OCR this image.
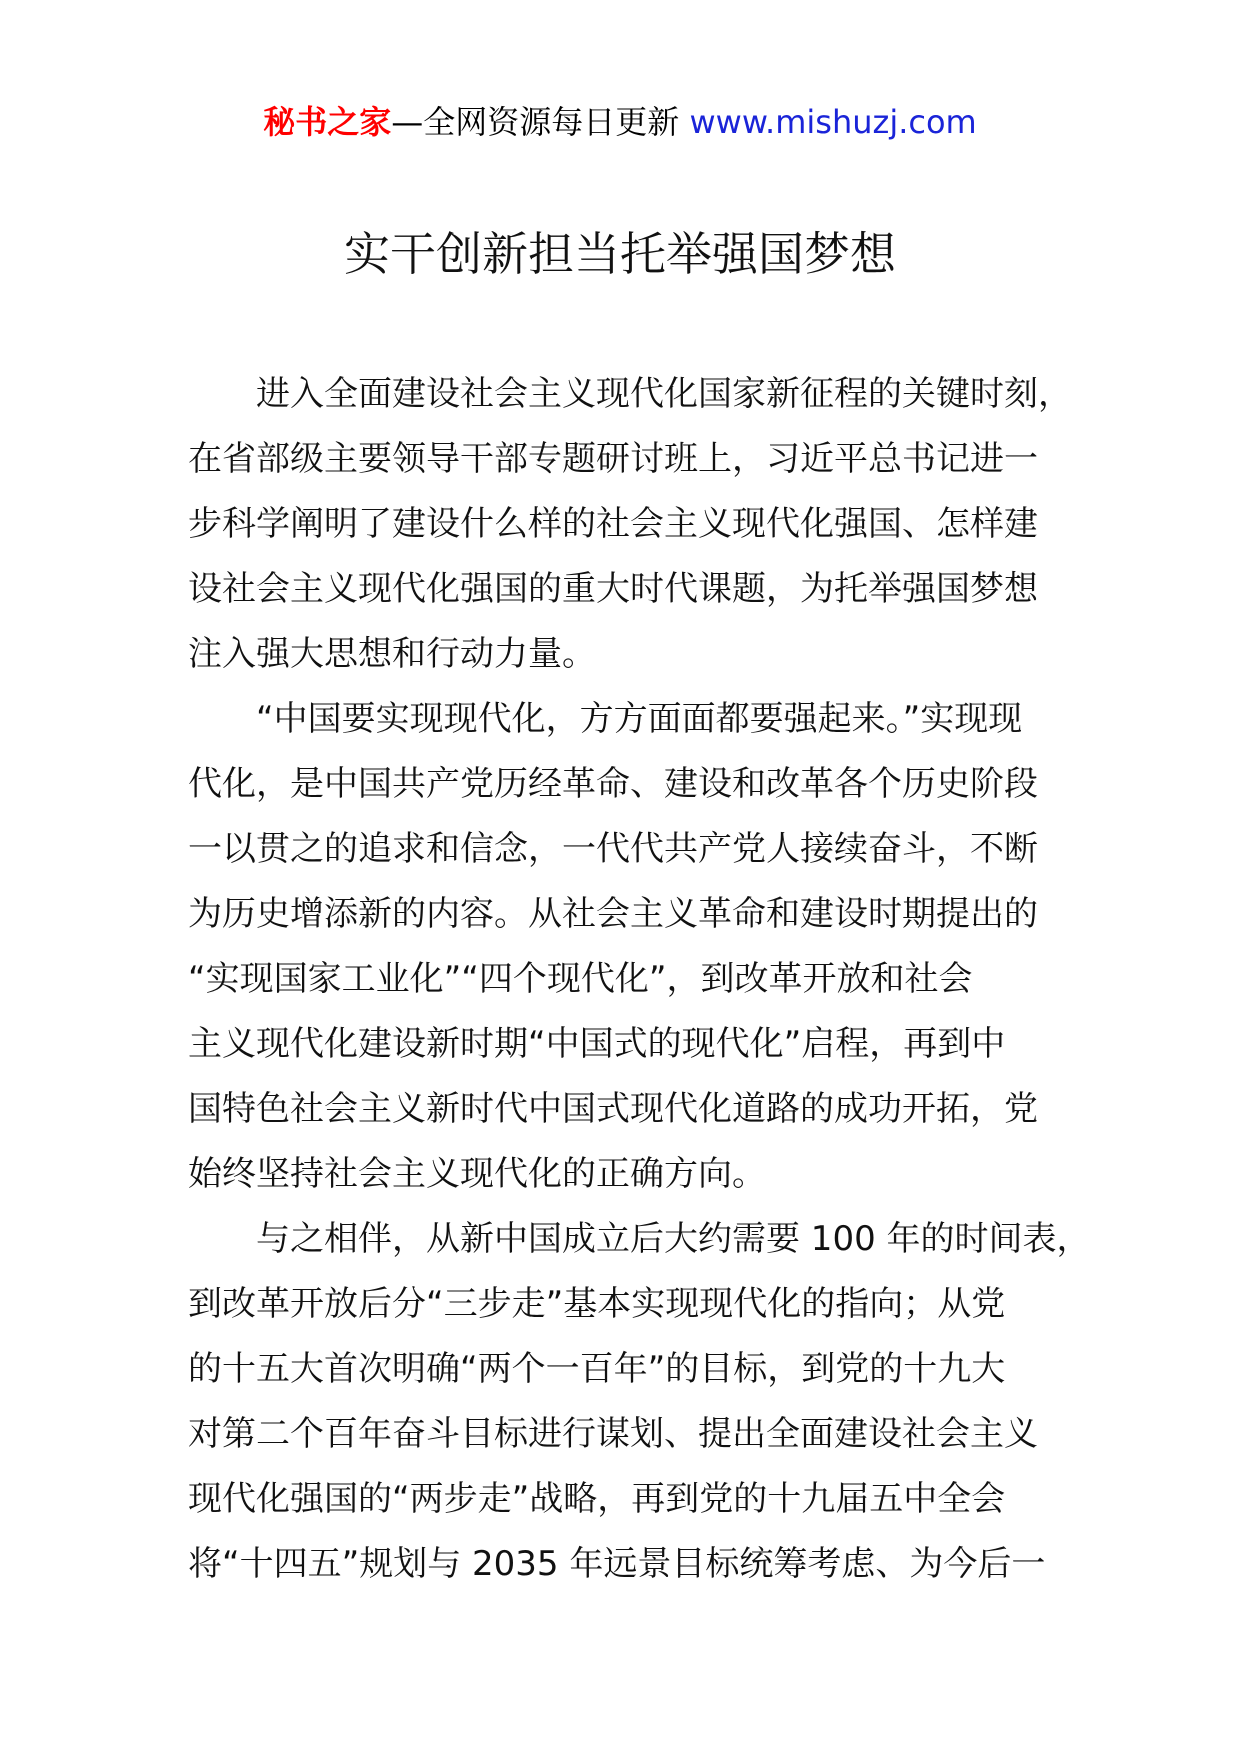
秘书之家—全网资源每日更新 www.mishuzj.com
实干创新担当托举强国梦想
　　进入全面建设社会主义现代化国家新征程的关键时刻，
在省部级主要领导干部专题研讨班上，习近平总书记进一
步科学阐明了建设什么样的社会主义现代化强国、怎样建
设社会主义现代化强国的重大时代课题，为托举强国梦想
注入强大思想和行动力量。
　　“中国要实现现代化，方方面面都要强起来。”实现现
代化，是中国共产党历经革命、建设和改革各个历史阶段
一以贯之的追求和信念，一代代共产党人接续奋斗，不断
为历史增添新的内容。从社会主义革命和建设时期提出的
“实现国家工业化”“四个现代化”，到改革开放和社会
主义现代化建设新时期“中国式的现代化”启程，再到中
国特色社会主义新时代中国式现代化道路的成功开拓，党
始终坚持社会主义现代化的正确方向。
　　与之相伴，从新中国成立后大约需要 100 年的时间表，
到改革开放后分“三步走”基本实现现代化的指向；从党
的十五大首次明确“两个一百年”的目标，到党的十九大
对第二个百年奋斗目标进行谋划、提出全面建设社会主义
现代化强国的“两步走”战略，再到党的十九届五中全会
将“十四五”规划与 2035 年远景目标统筹考虑、为今后一
